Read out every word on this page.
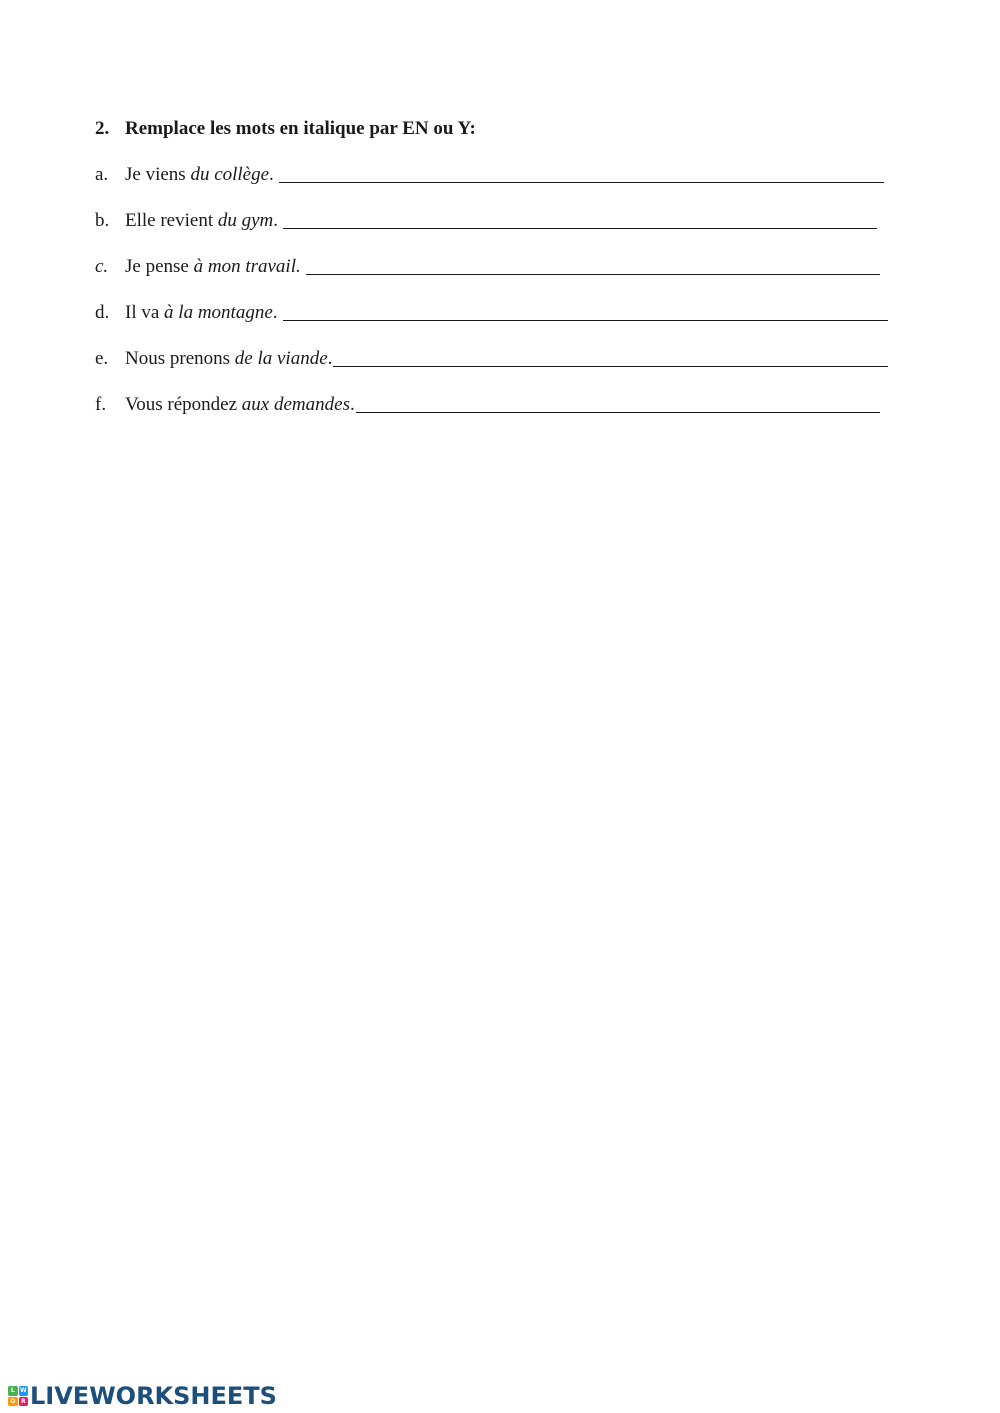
2. Remplace les mots en italique par EN ou Y:
a. Je viens
du collège .
b. Elle revient
du gym .
c. Je pense
à mon travail.
d. Il va
à la montagne .
e. Nous prenons
de la viande .
f. Vous répondez
aux demandes .
L W
O R LIVEWORKSHEETS
